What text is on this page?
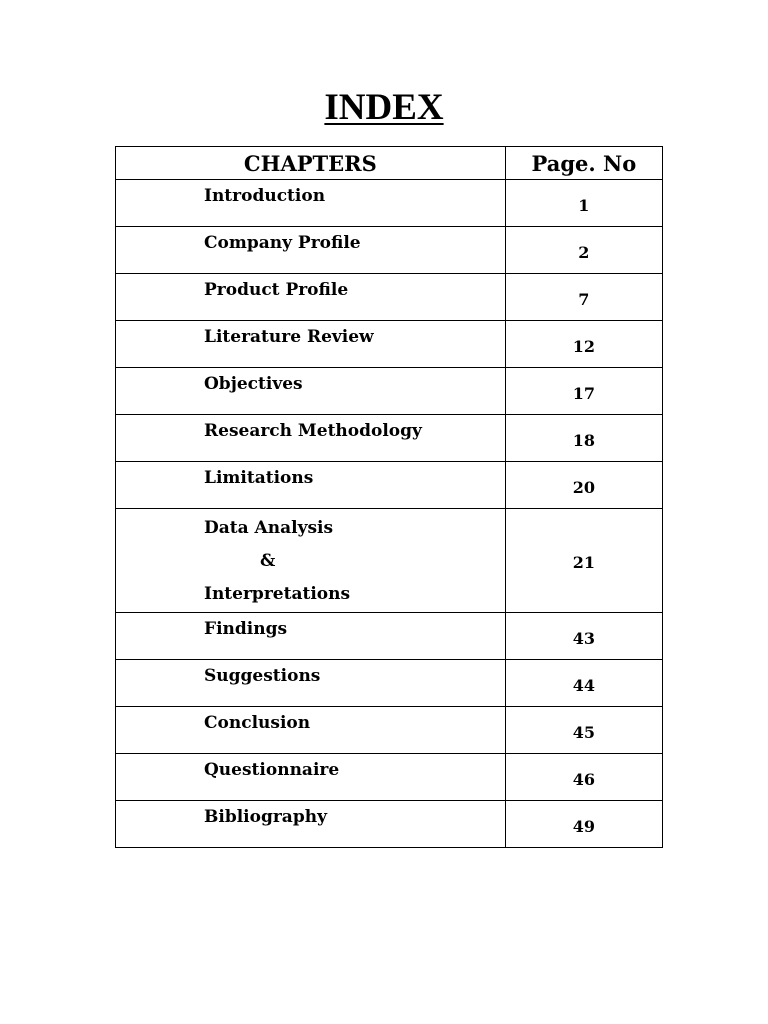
INDEX
CHAPTERS	Page. No

Introduction	1

Company Profile	2

Product Profile	7

Literature Review	12

Objectives	17

Research Methodology	18

Limitations	20

Data Analysis
&
Interpretations	21

Findings	43

Suggestions	44

Conclusion	45

Questionnaire	46

Bibliography	49
